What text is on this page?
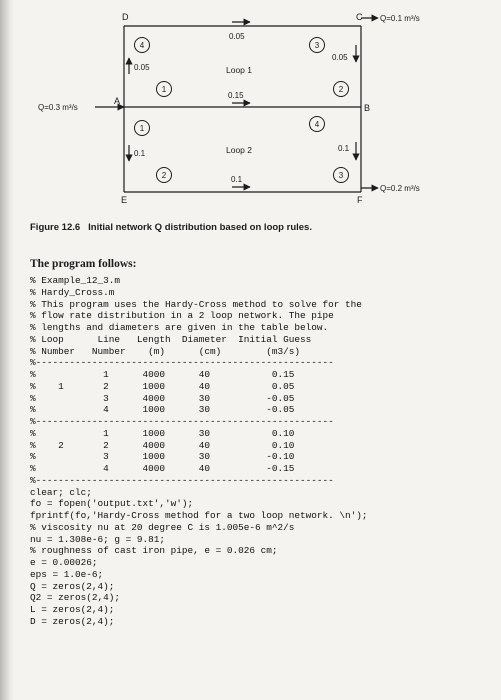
D	C
A
B
E	F
Q=0.1 m³/s
Q=0.3 m³/s
Q=0.2 m³/s
0.05
0.05
0.05
0.15
0.1
0.1
0.1
Loop 1
Loop 2
4	3
1	2
1	4
2	3
Figure 12.6 Initial network Q distribution based on loop rules.
The program follows:
% Example_12_3.m
% Hardy_Cross.m
% This program uses the Hardy-Cross method to solve for the
% flow rate distribution in a 2 loop network. The pipe
% lengths and diameters are given in the table below.
% Loop      Line   Length  Diameter  Initial Guess
% Number   Number    (m)      (cm)        (m3/s)
%-----------------------------------------------------
%            1      4000      40           0.15
%    1       2      1000      40           0.05
%            3      4000      30          -0.05
%            4      1000      30          -0.05
%-----------------------------------------------------
%            1      1000      30           0.10
%    2       2      4000      40           0.10
%            3      1000      30          -0.10
%            4      4000      40          -0.15
%-----------------------------------------------------
clear; clc;
fo = fopen('output.txt','w');
fprintf(fo,'Hardy-Cross method for a two loop network. \n');
% viscosity nu at 20 degree C is 1.005e-6 m^2/s
nu = 1.308e-6; g = 9.81;
% roughness of cast iron pipe, e = 0.026 cm;
e = 0.00026;
eps = 1.0e-6;
Q = zeros(2,4);
Q2 = zeros(2,4);
L = zeros(2,4);
D = zeros(2,4);
